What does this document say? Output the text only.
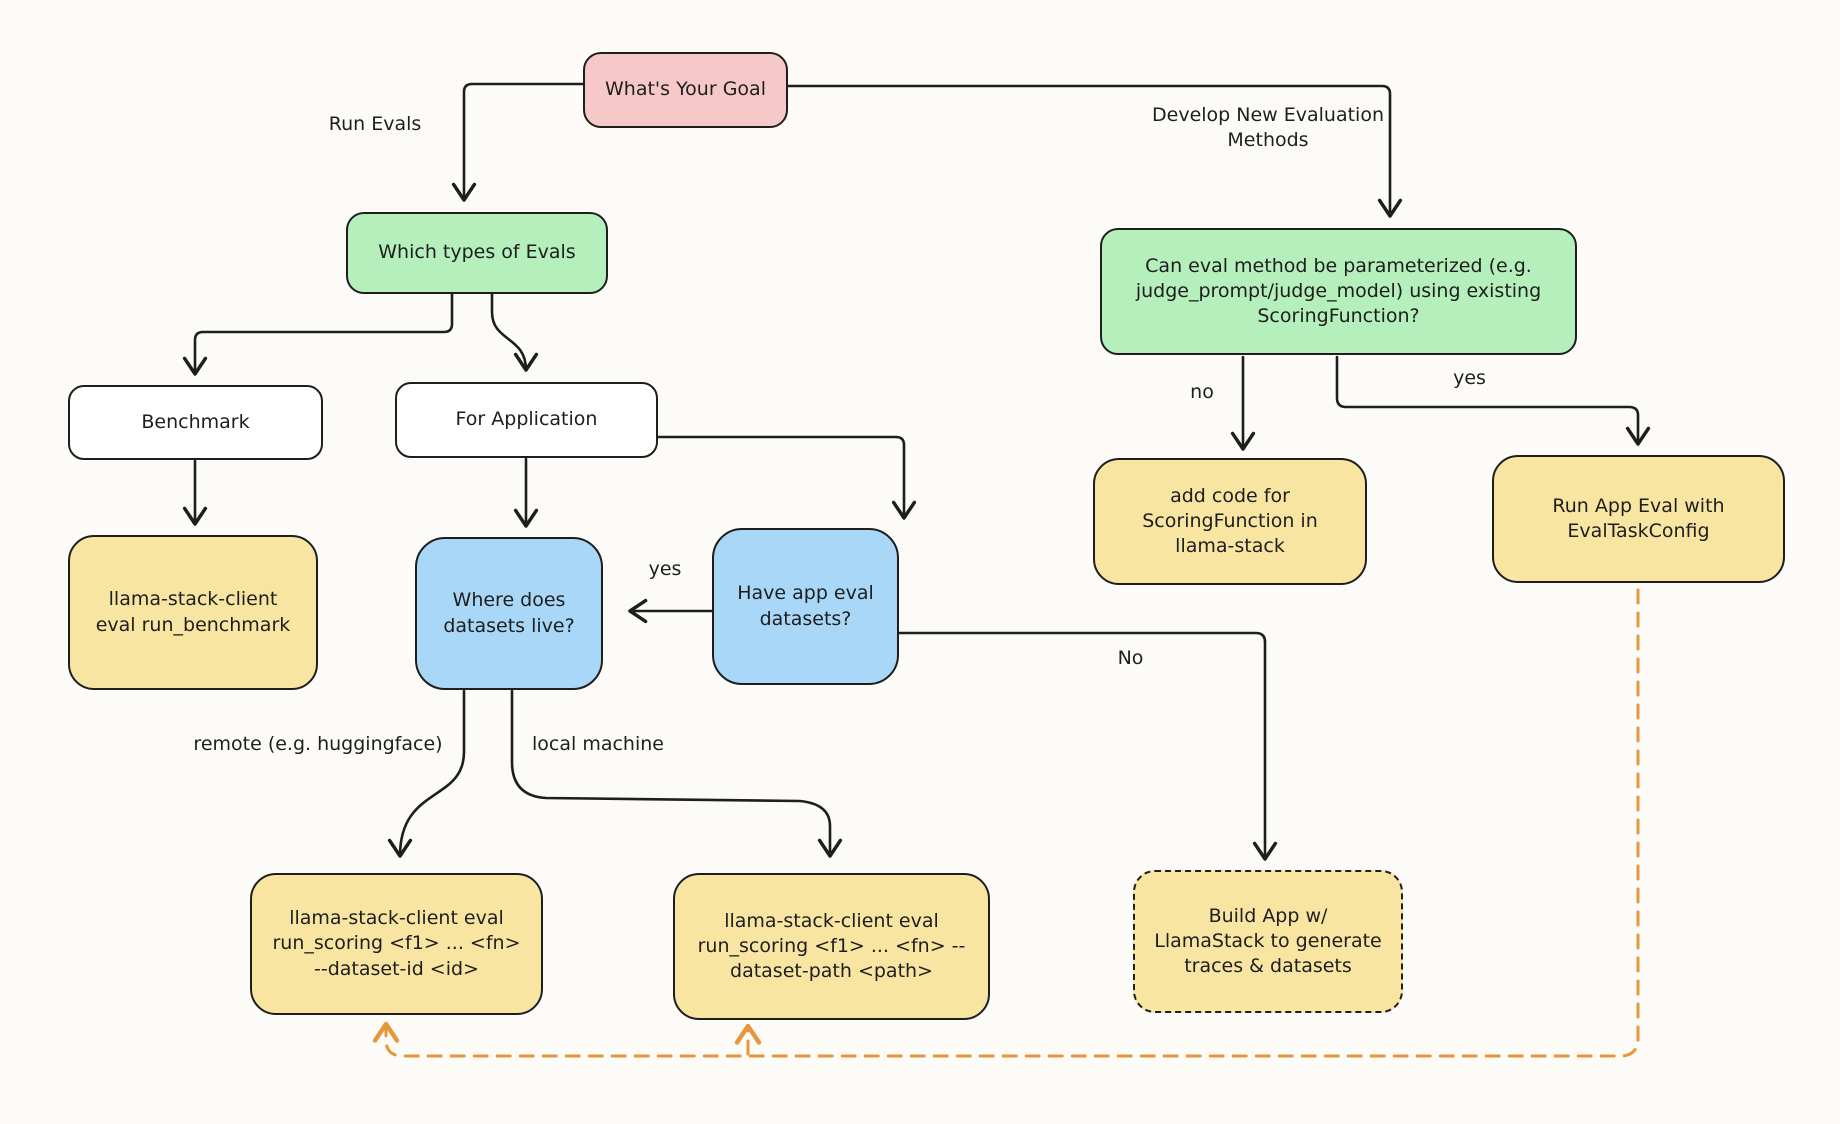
What's Your Goal
Which types of Evals
Benchmark	For Application
llama-stack-client eval run_benchmark
Where does datasets live?
Have app eval datasets?
Can eval method be parameterized (e.g. judge_prompt/judge_model) using existing ScoringFunction?
add code for ScoringFunction in llama-stack
Run App Eval with EvalTaskConfig
llama-stack-client eval run_scoring <f1> ... <fn> --dataset-id <id>
llama-stack-client eval run_scoring <f1> ... <fn> --dataset-path <path>
Build App w/ LlamaStack to generate traces & datasets
Run Evals	Develop New Evaluation Methods
no
yes
yes
No
remote (e.g. huggingface)	local machine
